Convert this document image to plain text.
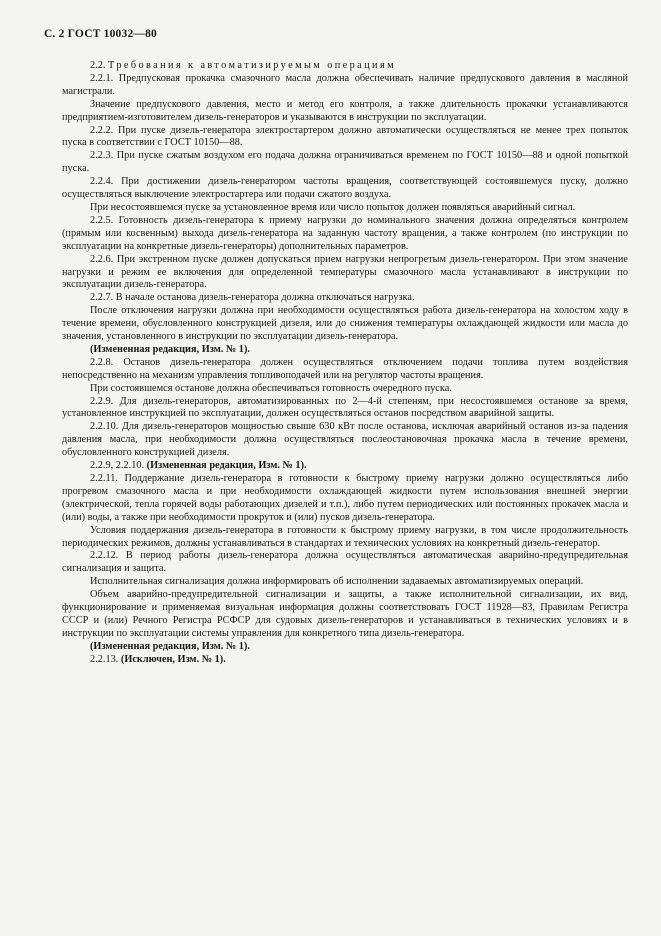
С. 2 ГОСТ 10032—80

2.2. Требования к автоматизируемым операциям

2.2.1. Предпусковая прокачка смазочного масла должна обеспечивать наличие предпускового давления в масляной магистрали.

Значение предпускового давления, место и метод его контроля, а также длительность прокачки устанавливаются предприятием-изготовителем дизель-генераторов и указываются в инструкции по эксплуатации.

2.2.2. При пуске дизель-генератора электростартером должно автоматически осуществляться не менее трех попыток пуска в соответствии с ГОСТ 10150—88.

2.2.3. При пуске сжатым воздухом его подача должна ограничиваться временем по ГОСТ 10150—88 и одной попыткой пуска.

2.2.4. При достижении дизель-генератором частоты вращения, соответствующей состоявшемуся пуску, должно осуществляться выключение электростартера или подачи сжатого воздуха.

При несостоявшемся пуске за установленное время или число попыток должен появляться аварийный сигнал.

2.2.5. Готовность дизель-генератора к приему нагрузки до номинального значения должна определяться контролем (прямым или косвенным) выхода дизель-генератора на заданную частоту вращения, а также контролем (по инструкции по эксплуатации на конкретные дизель-генераторы) дополнительных параметров.

2.2.6. При экстренном пуске должен допускаться прием нагрузки непрогретым дизель-генератором. При этом значение нагрузки и режим ее включения для определенной температуры смазочного масла устанавливают в инструкции по эксплуатации дизель-генератора.

2.2.7. В начале останова дизель-генератора должна отключаться нагрузка.

После отключения нагрузки должна при необходимости осуществляться работа дизель-генератора на холостом ходу в течение времени, обусловленного конструкцией дизеля, или до снижения температуры охлаждающей жидкости или масла до значения, установленного в инструкции по эксплуатации дизель-генератора.

(Измененная редакция, Изм. № 1).

2.2.8. Останов дизель-генератора должен осуществляться отключением подачи топлива путем воздействия непосредственно на механизм управления топливоподачей или на регулятор частоты вращения.

При состоявшемся останове должна обеспечиваться готовность очередного пуска.

2.2.9. Для дизель-генераторов, автоматизированных по 2—4-й степеням, при несостоявшемся останове за время, установленное инструкцией по эксплуатации, должен осуществляться останов посредством аварийной защиты.

2.2.10. Для дизель-генераторов мощностью свыше 630 кВт после останова, исключая аварийный останов из-за падения давления масла, при необходимости должна осуществляться послеостановочная прокачка масла в течение времени, обусловленного конструкцией дизеля.

2.2.9, 2.2.10. (Измененная редакция, Изм. № 1).

2.2.11. Поддержание дизель-генератора в готовности к быстрому приему нагрузки должно осуществляться либо прогревом смазочного масла и при необходимости охлаждающей жидкости путем использования внешней энергии (электрической, тепла горячей воды работающих дизелей и т.п.), либо путем периодических или постоянных прокачек масла и (или) воды, а также при необходимости прокруток и (или) пусков дизель-генератора.

Условия поддержания дизель-генератора в готовности к быстрому приему нагрузки, в том числе продолжительность периодических режимов, должны устанавливаться в стандартах и технических условиях на конкретный дизель-генератор.

2.2.12. В период работы дизель-генератора должна осуществляться автоматическая аварийно-предупредительная сигнализация и защита.

Исполнительная сигнализация должна информировать об исполнении задаваемых автоматизируемых операций.

Объем аварийно-предупредительной сигнализации и защиты, а также исполнительной сигнализации, их вид, функционирование и применяемая визуальная информация должны соответствовать ГОСТ 11928—83, Правилам Регистра СССР и (или) Речного Регистра РСФСР для судовых дизель-генераторов и устанавливаться в технических условиях и в инструкции по эксплуатации системы управления для конкретного типа дизель-генератора.

(Измененная редакция, Изм. № 1).

2.2.13. (Исключен, Изм. № 1).
